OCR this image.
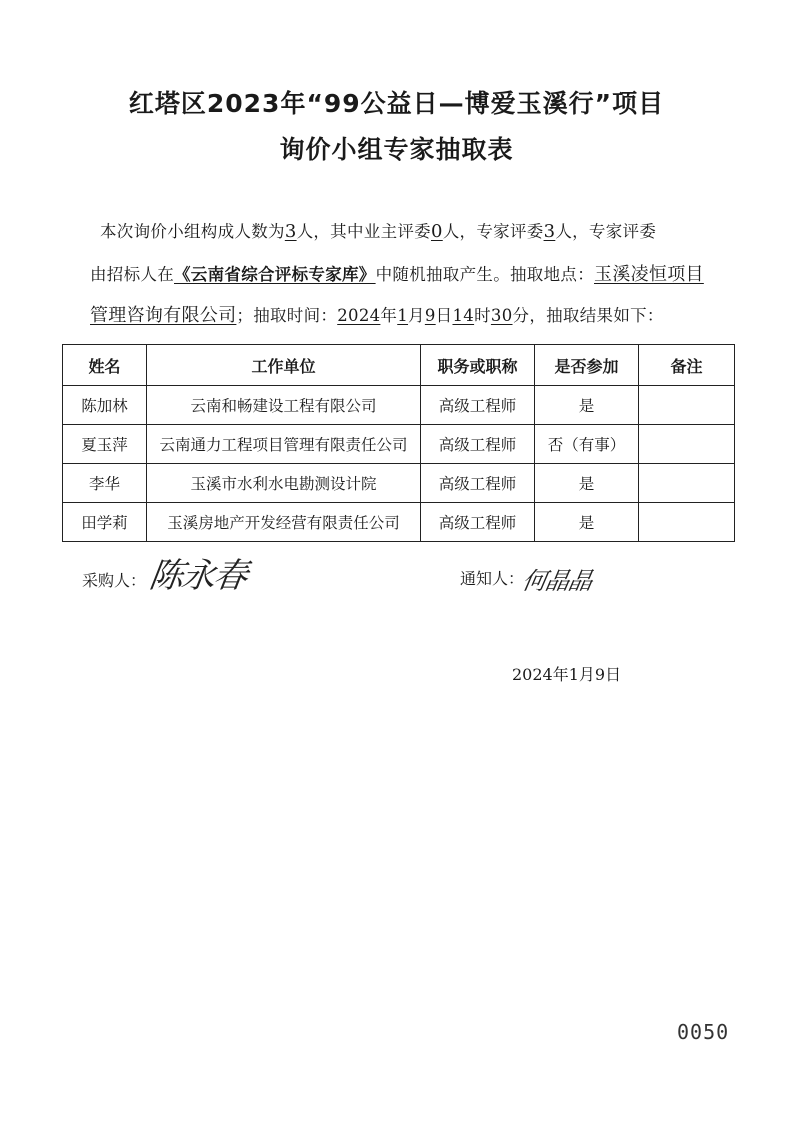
红塔区2023年“99公益日—博爱玉溪行”项目
询价小组专家抽取表
本次询价小组构成人数为3人，其中业主评委0人，专家评委3人，专家评委
由招标人在《云南省综合评标专家库》中随机抽取产生。抽取地点：玉溪凌恒项目
管理咨询有限公司；抽取时间：2024年1月9日14时30分，抽取结果如下：
姓名	工作单位	职务或职称	是否参加	备注
陈加林	云南和畅建设工程有限公司	高级工程师	是	
夏玉萍	云南通力工程项目管理有限责任公司	高级工程师	否（有事）	
李华	玉溪市水利水电勘测设计院	高级工程师	是	
田学莉	玉溪房地产开发经营有限责任公司	高级工程师	是	
采购人： 陈永春	通知人：
何晶晶
2024年1月9日
0050
